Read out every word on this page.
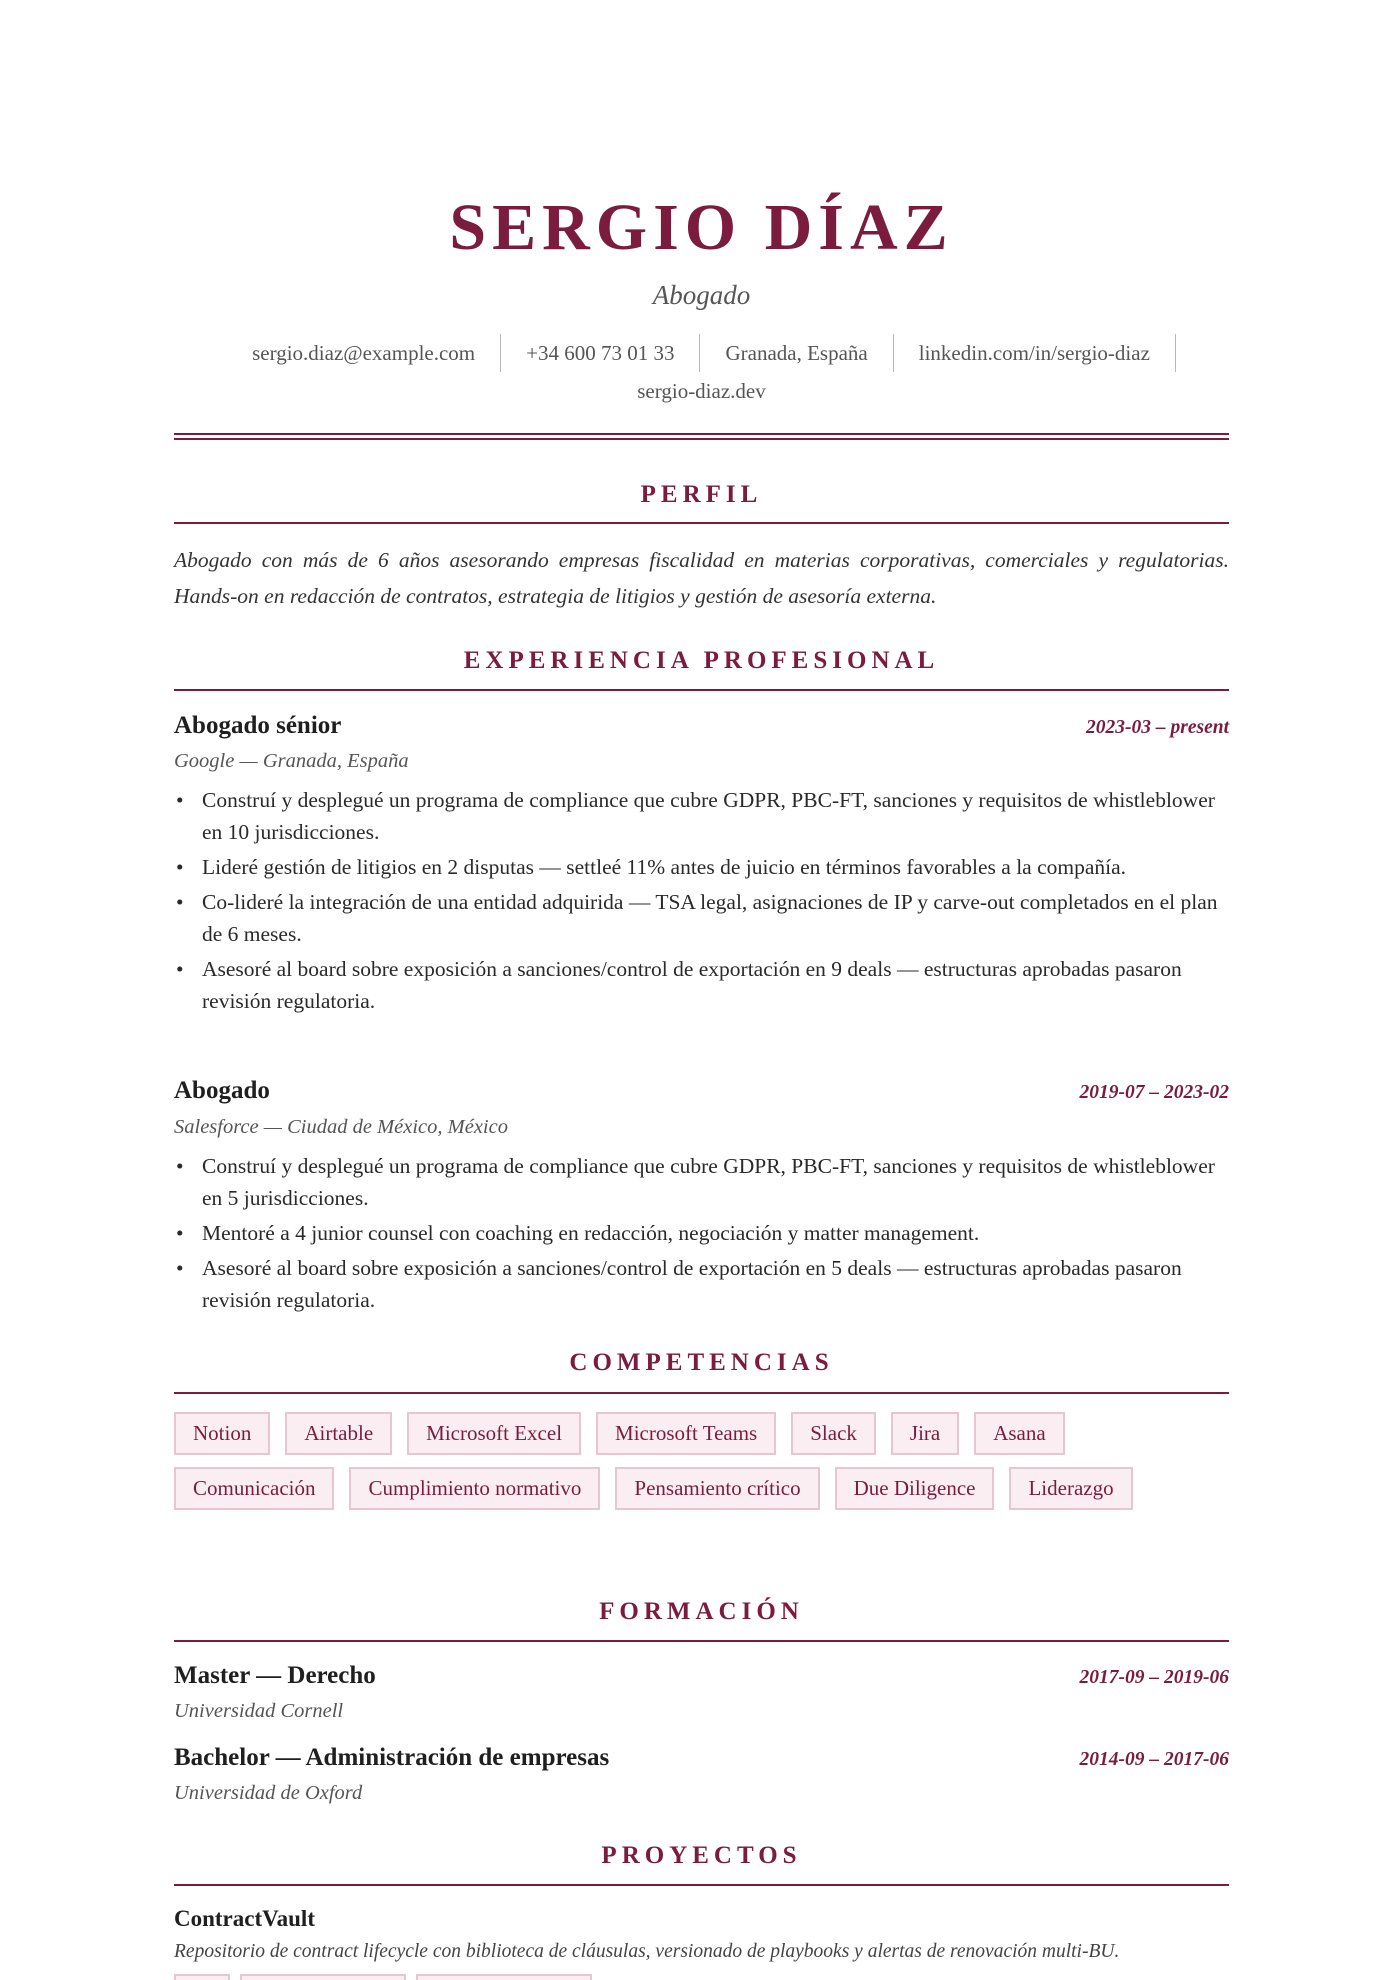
SERGIO DÍAZ
Abogado
sergio.diaz@example.com	+34 600 73 01 33	Granada, España	linkedin.com/in/sergio-diaz
sergio-diaz.dev
PERFIL

Abogado con más de 6 años asesorando empresas fiscalidad en materias corporativas, comerciales y regulatorias. Hands-on en redacción de contratos, estrategia de litigios y gestión de asesoría externa.

EXPERIENCIA PROFESIONAL
Abogado sénior	2023-03 – present
Google — Granada, España
• Construí y desplegué un programa de compliance que cubre GDPR, PBC-FT, sanciones y requisitos de whistleblower en 10 jurisdicciones.
• Lideré gestión de litigios en 2 disputas — settleé 11% antes de juicio en términos favorables a la compañía.
• Co-lideré la integración de una entidad adquirida — TSA legal, asignaciones de IP y carve-out completados en el plan de 6 meses.
• Asesoré al board sobre exposición a sanciones/control de exportación en 9 deals — estructuras aprobadas pasaron revisión regulatoria.
Abogado	2019-07 – 2023-02
Salesforce — Ciudad de México, México
• Construí y desplegué un programa de compliance que cubre GDPR, PBC-FT, sanciones y requisitos de whistleblower en 5 jurisdicciones.
• Mentoré a 4 junior counsel con coaching en redacción, negociación y matter management.
• Asesoré al board sobre exposición a sanciones/control de exportación en 5 deals — estructuras aprobadas pasaron revisión regulatoria.
COMPETENCIAS
Notion	Airtable	Microsoft Excel	Microsoft Teams	Slack	Jira	Asana
Comunicación	Cumplimiento normativo	Pensamiento crítico	Due Diligence	Liderazgo
FORMACIÓN
Master — Derecho	2017-09 – 2019-06
Universidad Cornell
Bachelor — Administración de empresas	2014-09 – 2017-06
Universidad de Oxford
PROYECTOS
ContractVault
Repositorio de contract lifecycle con biblioteca de cláusulas, versionado de playbooks y alertas de renovación multi-BU.
